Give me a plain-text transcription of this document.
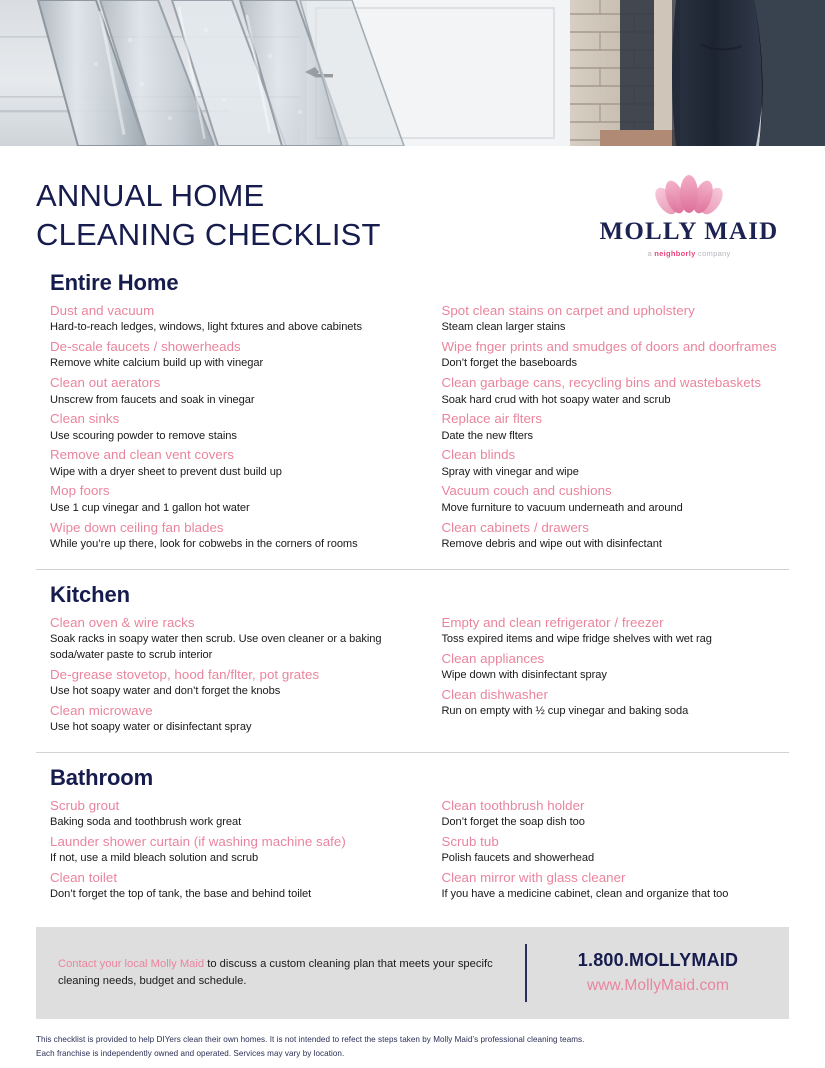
ANNUAL HOME
CLEANING CHECKLIST	MOLLY MAID
a neighborly company
Entire Home
Dust and vacuum
Hard-to-reach ledges, windows, light fxtures and above cabinets
De-scale faucets / showerheads
Remove white calcium build up with vinegar
Clean out aerators
Unscrew from faucets and soak in vinegar
Clean sinks
Use scouring powder to remove stains
Remove and clean vent covers
Wipe with a dryer sheet to prevent dust build up
Mop foors
Use 1 cup vinegar and 1 gallon hot water
Wipe down ceiling fan blades
While you’re up there, look for cobwebs in the corners of rooms
Spot clean stains on carpet and upholstery
Steam clean larger stains
Wipe fnger prints and smudges of doors and doorframes
Don’t forget the baseboards
Clean garbage cans, recycling bins and wastebaskets
Soak hard crud with hot soapy water and scrub
Replace air flters
Date the new flters
Clean blinds
Spray with vinegar and wipe
Vacuum couch and cushions
Move furniture to vacuum underneath and around
Clean cabinets / drawers
Remove debris and wipe out with disinfectant
Kitchen
Clean oven & wire racks
Soak racks in soapy water then scrub. Use oven cleaner or a baking soda/water paste to scrub interior
De-grease stovetop, hood fan/flter, pot grates
Use hot soapy water and don’t forget the knobs
Clean microwave
Use hot soapy water or disinfectant spray
Empty and clean refrigerator / freezer
Toss expired items and wipe fridge shelves with wet rag
Clean appliances
Wipe down with disinfectant spray
Clean dishwasher
Run on empty with ½ cup vinegar and baking soda
Bathroom
Scrub grout
Baking soda and toothbrush work great
Launder shower curtain (if washing machine safe)
If not, use a mild bleach solution and scrub
Clean toilet
Don’t forget the top of tank, the base and behind toilet
Clean toothbrush holder
Don’t forget the soap dish too
Scrub tub
Polish faucets and showerhead
Clean mirror with glass cleaner
If you have a medicine cabinet, clean and organize that too
Contact your local Molly Maid to discuss a custom cleaning plan that meets your specifc cleaning needs, budget and schedule.
1.800.MOLLYMAID
www.MollyMaid.com
This checklist is provided to help DIYers clean their own homes. It is not intended to refect the steps taken by Molly Maid’s professional cleaning teams.
Each franchise is independently owned and operated. Services may vary by location.
